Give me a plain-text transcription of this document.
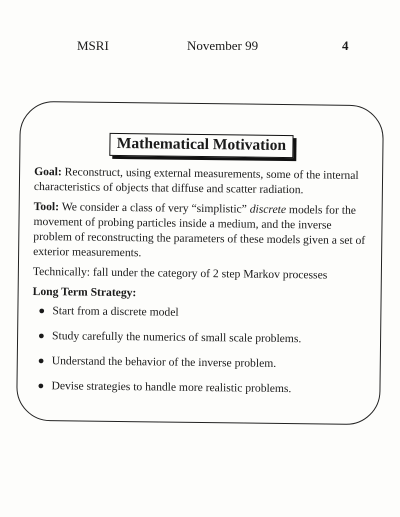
MSRI	November 99	4
Mathematical Motivation

Goal: Reconstruct, using external measurements, some of the internal characteristics of objects that diffuse and scatter radiation.

Tool: We consider a class of very “simplistic” discrete models for the movement of probing particles inside a medium, and the inverse problem of reconstructing the parameters of these models given a set of exterior measurements.

Technically: fall under the category of 2 step Markov processes

Long Term Strategy:
● Start from a discrete model
● Study carefully the numerics of small scale problems.
● Understand the behavior of the inverse problem.
● Devise strategies to handle more realistic problems.
